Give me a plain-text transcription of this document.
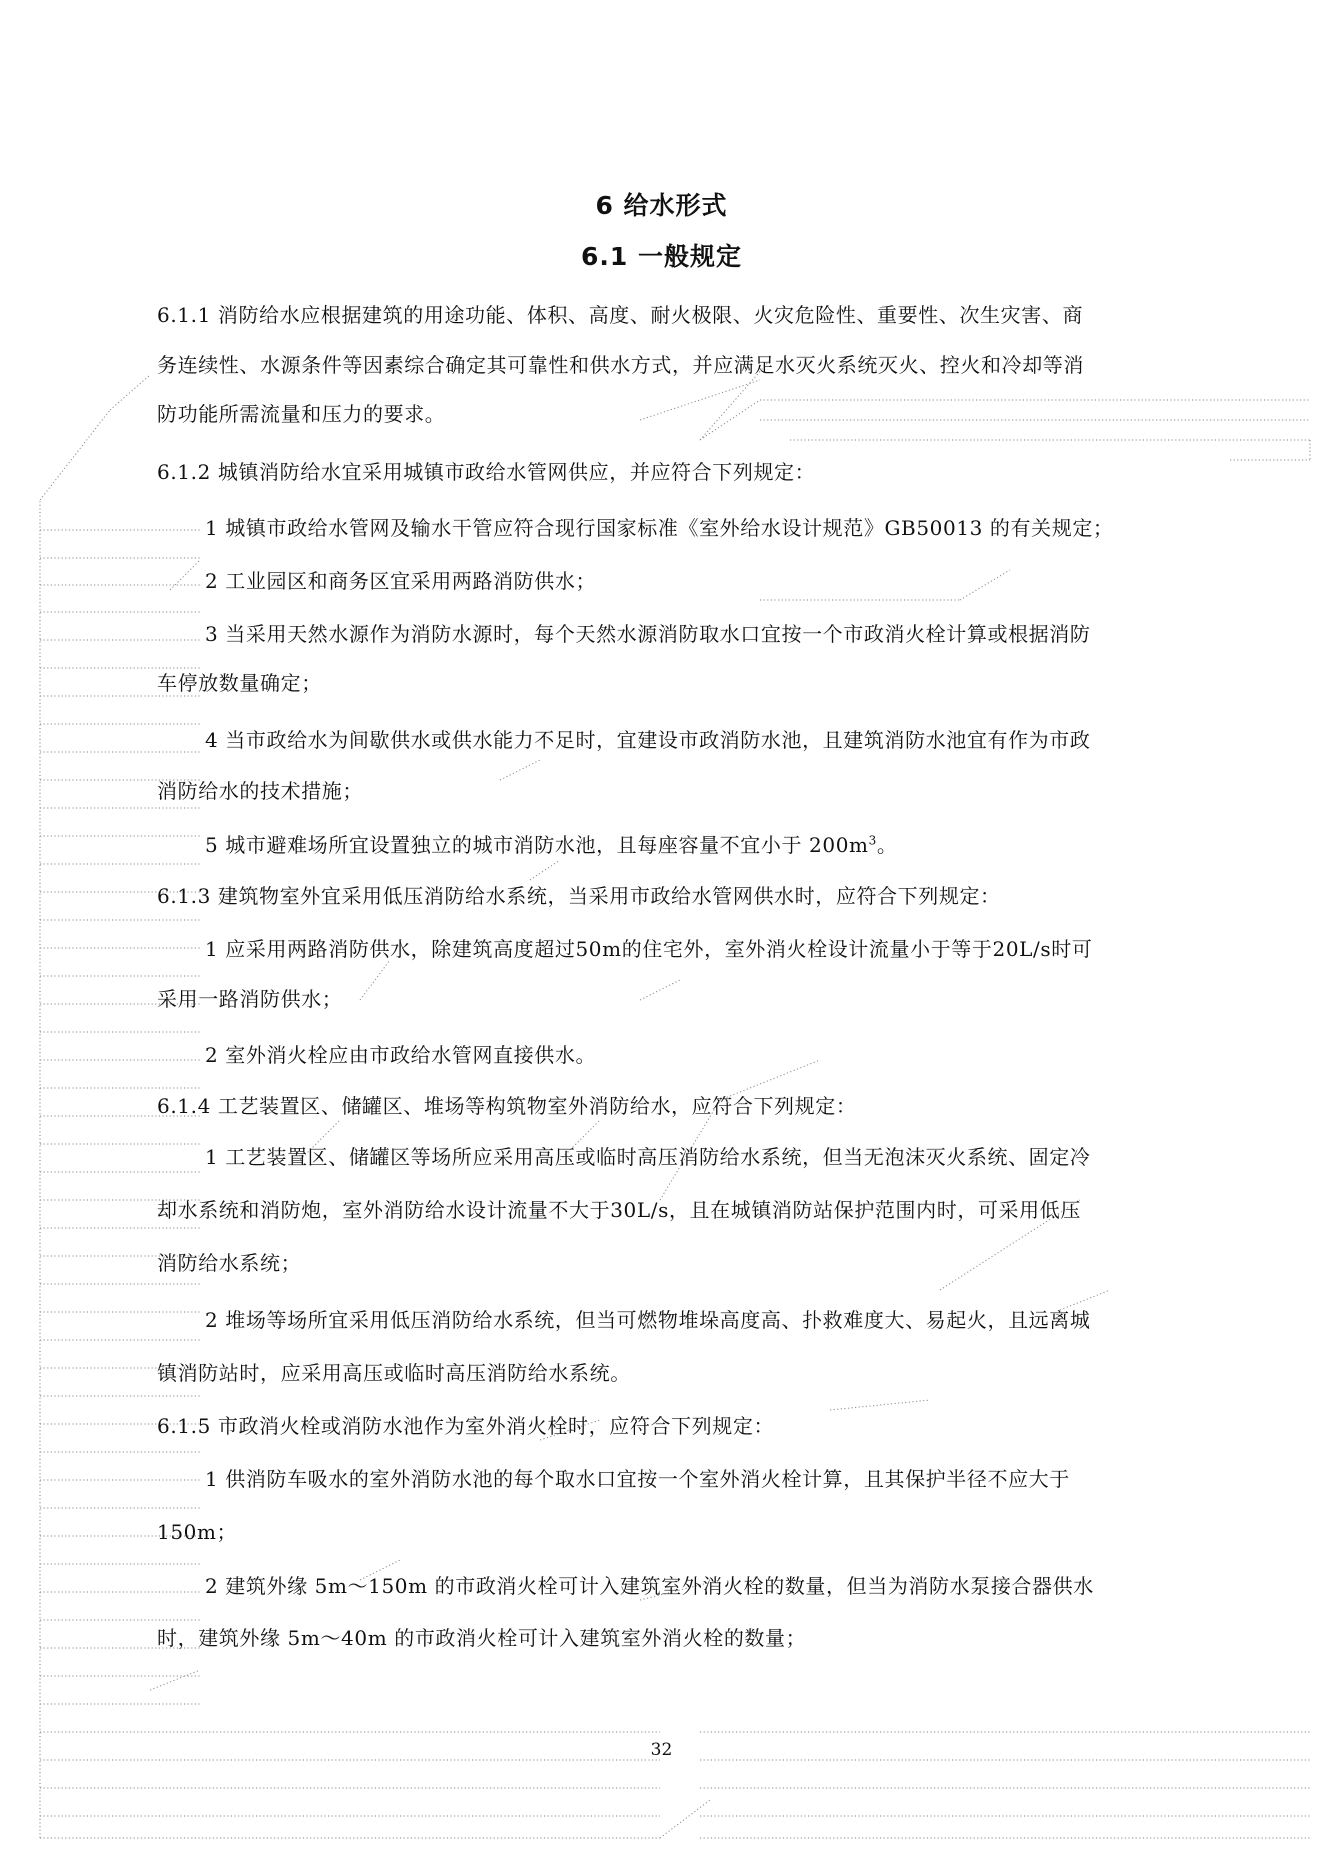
6 给水形式
6.1 一般规定
6.1.1 消防给水应根据建筑的用途功能、体积、高度、耐火极限、火灾危险性、重要性、次生灾害、商
务连续性、水源条件等因素综合确定其可靠性和供水方式，并应满足水灭火系统灭火、控火和冷却等消
防功能所需流量和压力的要求。
6.1.2 城镇消防给水宜采用城镇市政给水管网供应，并应符合下列规定：
1 城镇市政给水管网及输水干管应符合现行国家标准《室外给水设计规范》GB50013 的有关规定；
2 工业园区和商务区宜采用两路消防供水；
3 当采用天然水源作为消防水源时，每个天然水源消防取水口宜按一个市政消火栓计算或根据消防
车停放数量确定；
4 当市政给水为间歇供水或供水能力不足时，宜建设市政消防水池，且建筑消防水池宜有作为市政
消防给水的技术措施；
5 城市避难场所宜设置独立的城市消防水池，且每座容量不宜小于 $200m^3$。
6.1.3 建筑物室外宜采用低压消防给水系统，当采用市政给水管网供水时，应符合下列规定：
1 应采用两路消防供水，除建筑高度超过50m的住宅外，室外消火栓设计流量小于等于20L/s时可
采用一路消防供水；
2 室外消火栓应由市政给水管网直接供水。
6.1.4 工艺装置区、储罐区、堆场等构筑物室外消防给水，应符合下列规定：
1 工艺装置区、储罐区等场所应采用高压或临时高压消防给水系统，但当无泡沫灭火系统、固定冷
却水系统和消防炮，室外消防给水设计流量不大于30L/s，且在城镇消防站保护范围内时，可采用低压
消防给水系统；
2 堆场等场所宜采用低压消防给水系统，但当可燃物堆垛高度高、扑救难度大、易起火，且远离城
镇消防站时，应采用高压或临时高压消防给水系统。
6.1.5 市政消火栓或消防水池作为室外消火栓时，应符合下列规定：
1 供消防车吸水的室外消防水池的每个取水口宜按一个室外消火栓计算，且其保护半径不应大于
150m；
2 建筑外缘 5m～150m 的市政消火栓可计入建筑室外消火栓的数量，但当为消防水泵接合器供水
时，建筑外缘 5m～40m 的市政消火栓可计入建筑室外消火栓的数量；
32
